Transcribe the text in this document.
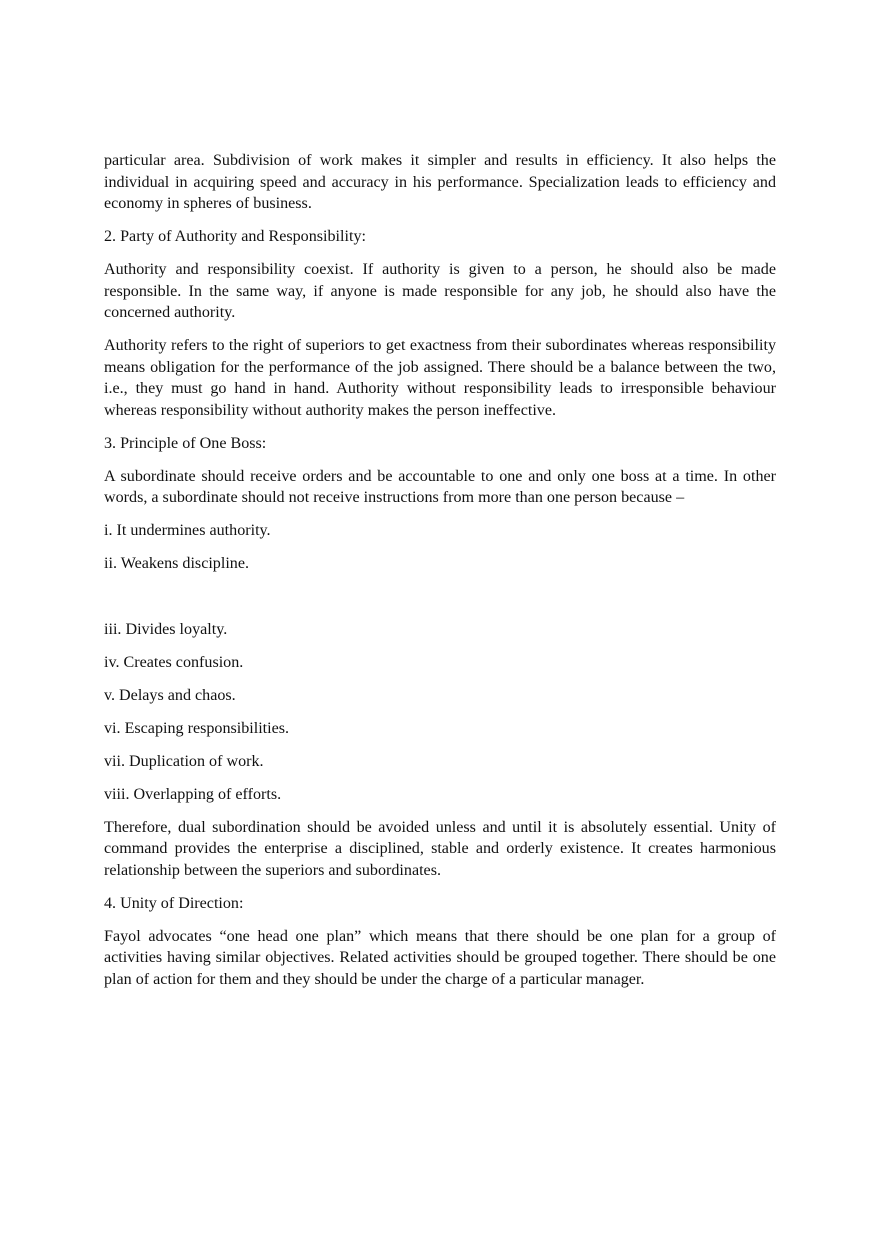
particular area. Subdivision of work makes it simpler and results in efficiency. It also helps the individual in acquiring speed and accuracy in his performance. Specialization leads to efficiency and economy in spheres of business.

2. Party of Authority and Responsibility:

Authority and responsibility coexist. If authority is given to a person, he should also be made responsible. In the same way, if anyone is made responsible for any job, he should also have the concerned authority.

Authority refers to the right of superiors to get exactness from their subordinates whereas responsibility means obligation for the performance of the job assigned. There should be a balance between the two, i.e., they must go hand in hand. Authority without responsibility leads to irresponsible behaviour whereas responsibility without authority makes the person ineffective.

3. Principle of One Boss:

A subordinate should receive orders and be accountable to one and only one boss at a time. In other words, a subordinate should not receive instructions from more than one person because –

i. It undermines authority.

ii. Weakens discipline.

iii. Divides loyalty.

iv. Creates confusion.

v. Delays and chaos.

vi. Escaping responsibilities.

vii. Duplication of work.

viii. Overlapping of efforts.

Therefore, dual subordination should be avoided unless and until it is absolutely essential. Unity of command provides the enterprise a disciplined, stable and orderly existence. It creates harmonious relationship between the superiors and subordinates.

4. Unity of Direction:

Fayol advocates “one head one plan” which means that there should be one plan for a group of activities having similar objectives. Related activities should be grouped together. There should be one plan of action for them and they should be under the charge of a particular manager.
